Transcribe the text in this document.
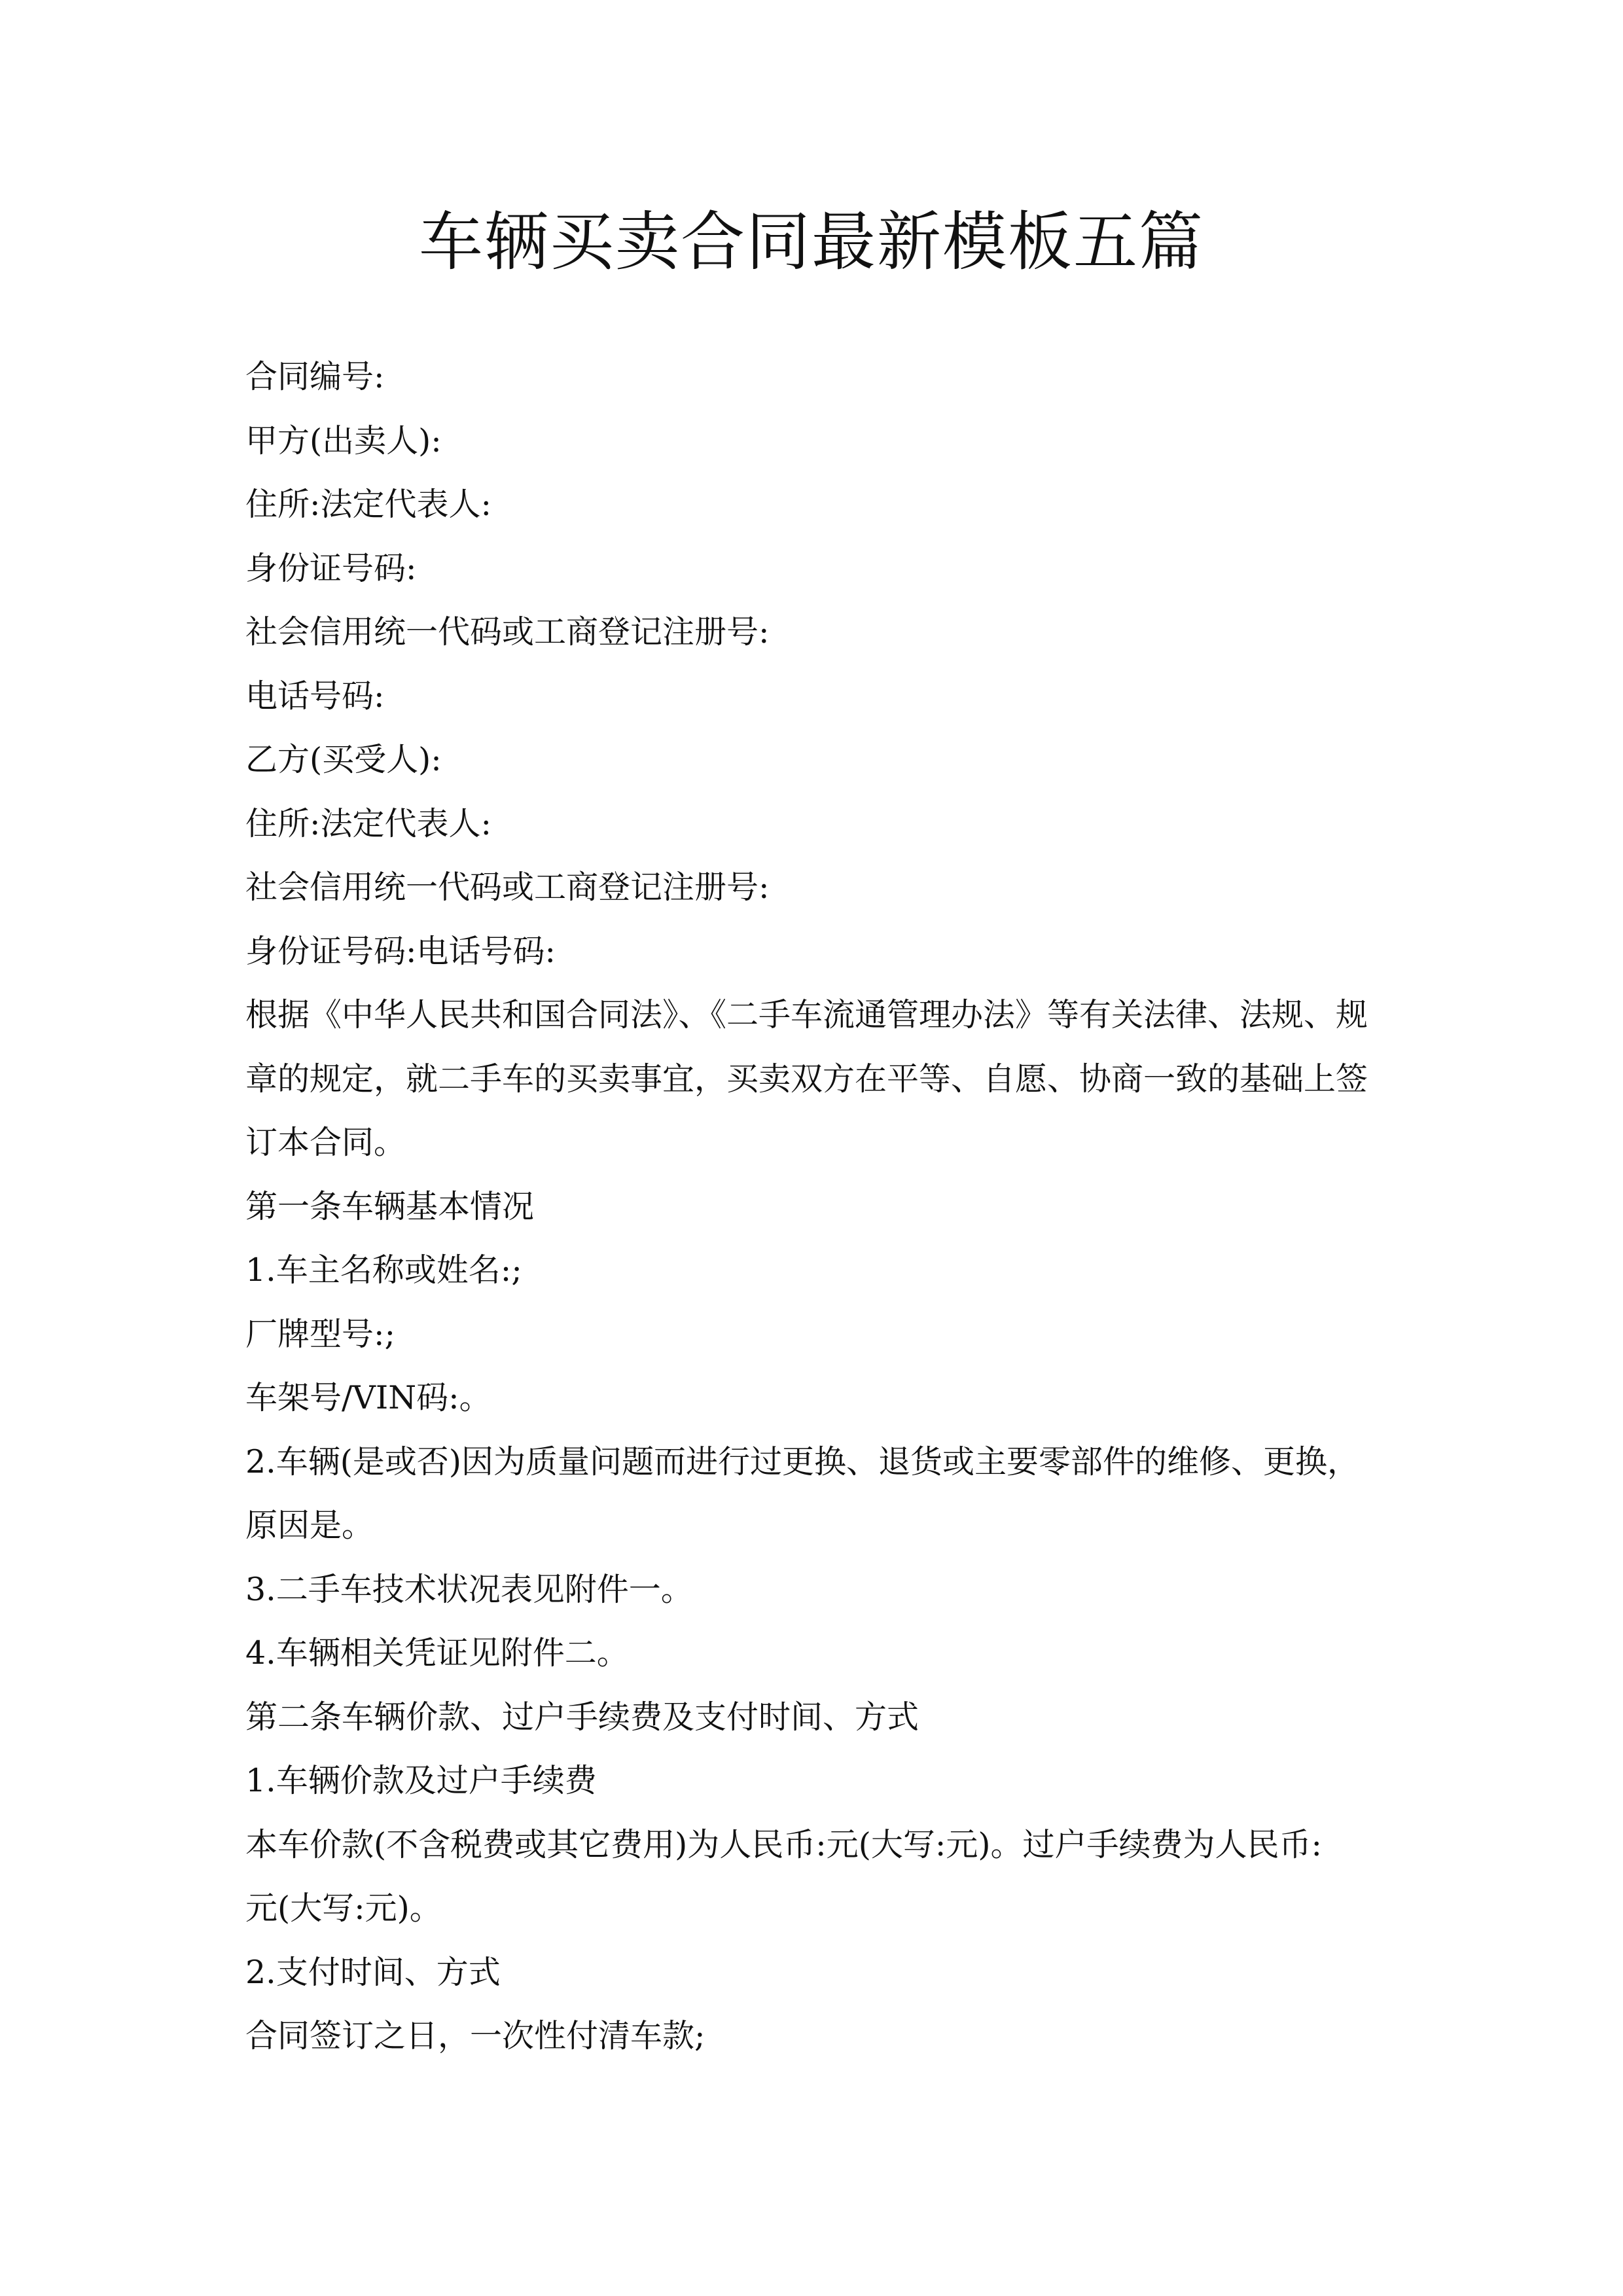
车辆买卖合同最新模板五篇
合同编号:
甲方(出卖人):
住所:法定代表人:
身份证号码:
社会信用统一代码或工商登记注册号:
电话号码:
乙方(买受人):
住所:法定代表人:
社会信用统一代码或工商登记注册号:
身份证号码:电话号码:
根据《中华人民共和国合同法》、《二手车流通管理办法》等有关法律、法规、规
章的规定，就二手车的买卖事宜，买卖双方在平等、自愿、协商一致的基础上签
订本合同。
第一条车辆基本情况
1.车主名称或姓名:;
厂牌型号:;
车架号/VIN码:。
2.车辆(是或否)因为质量问题而进行过更换、退货或主要零部件的维修、更换，
原因是。
3.二手车技术状况表见附件一。
4.车辆相关凭证见附件二。
第二条车辆价款、过户手续费及支付时间、方式
1.车辆价款及过户手续费
本车价款(不含税费或其它费用)为人民币:元(大写:元)。过户手续费为人民币:
元(大写:元)。
2.支付时间、方式
合同签订之日，一次性付清车款;
